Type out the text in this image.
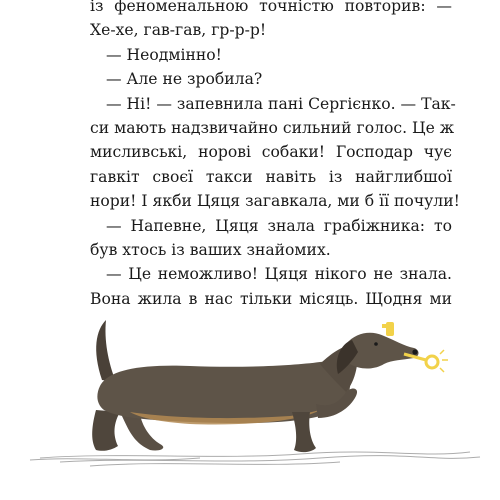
із феноменальною точністю повторив: —
Хе-хе, гав-гав, гр-р-р!
— Неодмінно!
— Але не зробила?
— Ні! — запевнила пані Сергієнко. — Так-
си мають надзвичайно сильний голос. Це ж
мисливські, норові собаки! Господар чує
гавкіт своєї такси навіть із найглибшої
нори! І якби Цяця загавкала, ми б її почули!
— Напевне, Цяця знала грабіжника: то
був хтось із ваших знайомих.
— Це неможливо! Цяця нікого не знала.
Вона жила в нас тільки місяць. Щодня ми
